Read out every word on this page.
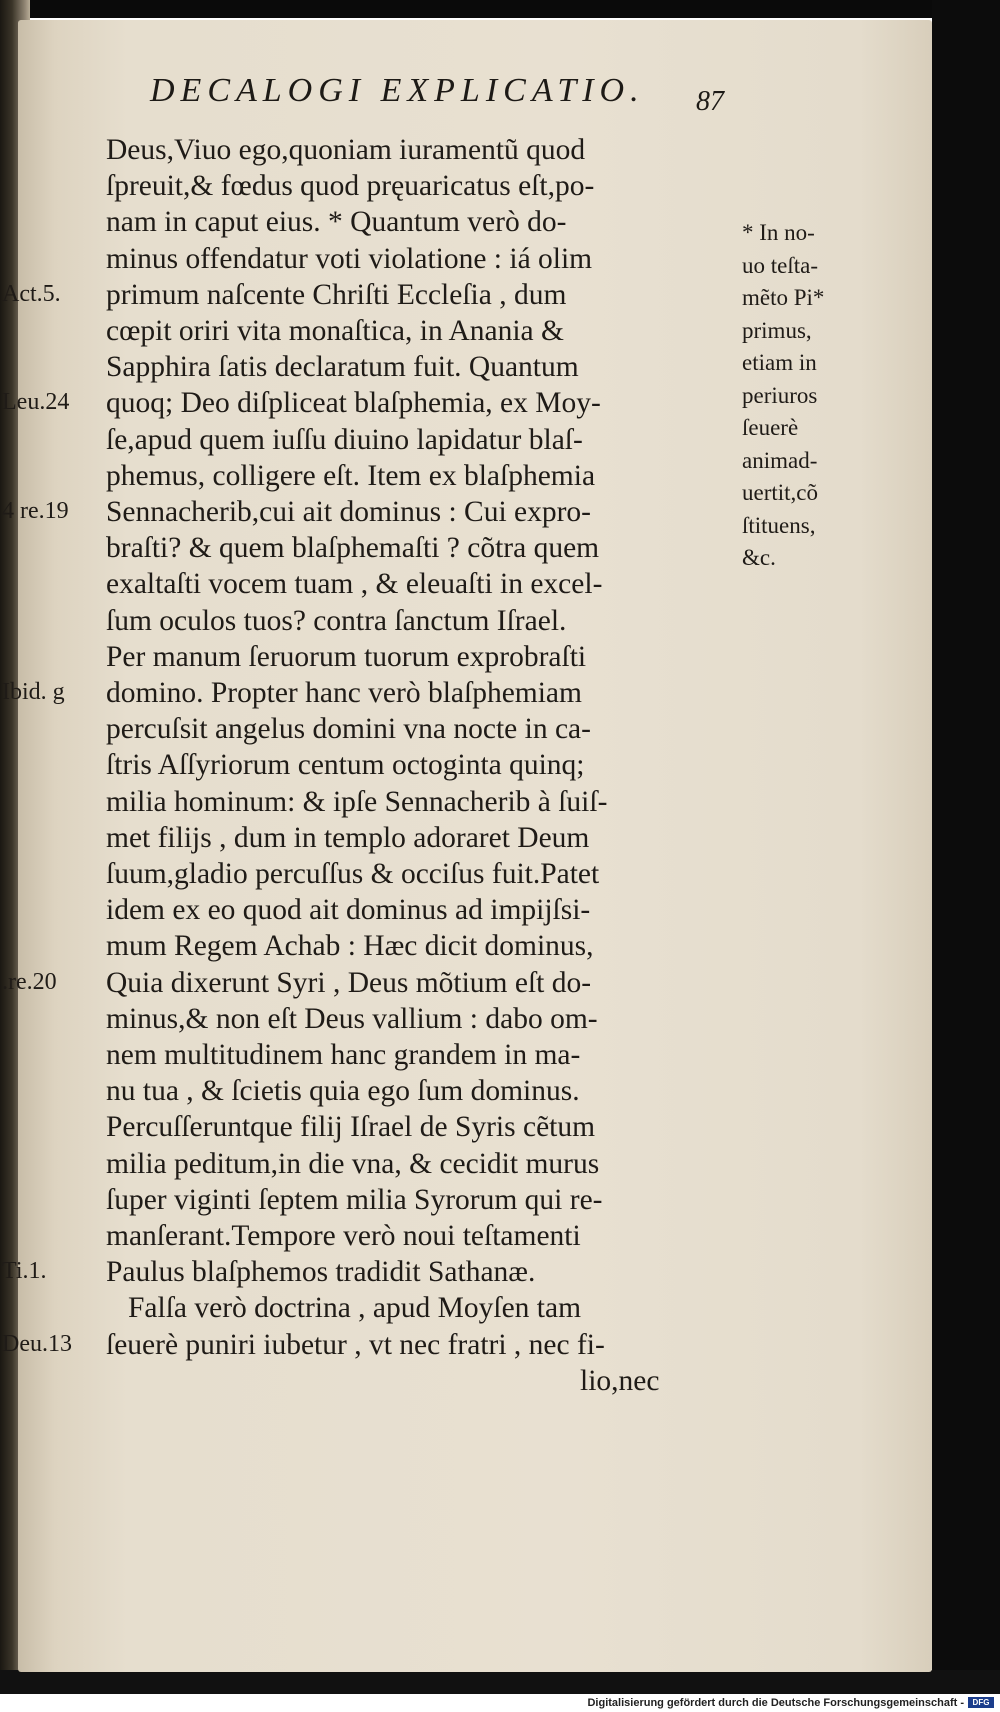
DECALOGI EXPLICATIO.	87
Deus,Viuo ego,quoniam iuramentũ quod
ſpreuit,& fœdus quod pręuaricatus eſt,po-
nam in caput eius. * Quantum verò do-
minus offendatur voti violatione : iá olim
primum naſcente Chriſti Eccleſia , dum
cœpit oriri vita monaſtica, in Anania &
Sapphira ſatis declaratum fuit. Quantum
quoq; Deo diſpliceat blaſphemia, ex Moy-
ſe,apud quem iuſſu diuino lapidatur blaſ-
phemus, colligere eſt. Item ex blaſphemia
Sennacherib,cui ait dominus : Cui expro-
braſti? & quem blaſphemaſti ? cõtra quem
exaltaſti vocem tuam , & eleuaſti in excel-
ſum oculos tuos? contra ſanctum Iſrael.
Per manum ſeruorum tuorum exprobraſti
domino. Propter hanc verò blaſphemiam
percuſsit angelus domini vna nocte in ca-
ſtris Aſſyriorum centum octoginta quinq;
milia hominum: & ipſe Sennacherib à ſuiſ-
met filijs , dum in templo adoraret Deum
ſuum,gladio percuſſus & occiſus fuit.Patet
idem ex eo quod ait dominus ad impijſsi-
mum Regem Achab : Hæc dicit dominus,
Quia dixerunt Syri , Deus mõtium eſt do-
minus,& non eſt Deus vallium : dabo om-
nem multitudinem hanc grandem in ma-
nu tua , & ſcietis quia ego ſum dominus.
Percuſſeruntque filij Iſrael de Syris cẽtum
milia peditum,in die vna, & cecidit murus
ſuper viginti ſeptem milia Syrorum qui re-
manſerant.Tempore verò noui teſtamenti
Paulus blaſphemos tradidit Sathanæ.
Falſa verò doctrina , apud Moyſen tam
ſeuerè puniri iubetur , vt nec fratri , nec fi-
lio,nec
Act.5.
Leu.24
4 re.19
Ibid. g
.re.20
Ti.1.
Deu.13
* In no-
uo teſta-
mẽto Pi*
primus,
etiam in
periuros
ſeuerè
animad-
uertit,cõ
ſtituens,
&c.
Digitalisierung gefördert durch die Deutsche Forschungsgemeinschaft -	DFG
